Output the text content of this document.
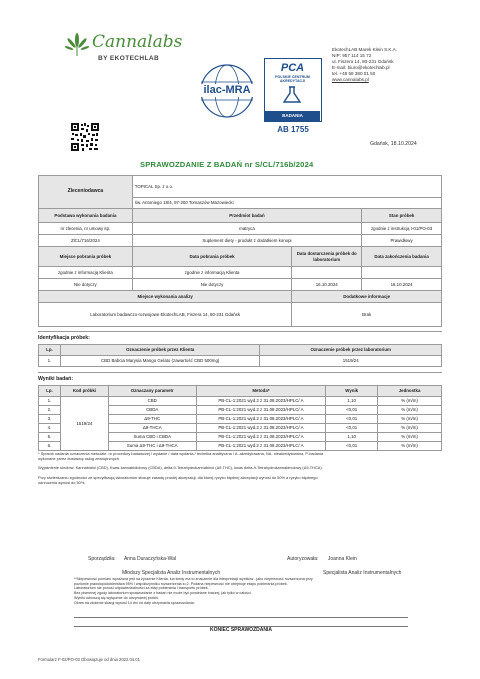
Cannalabs
BY EKOTECHLAB
ilac-MRA
PCA
POLSKIE CENTRUM
AKREDYTACJI
BADANIA
AB 1755
EkotechLAB Marek Klein S.K.A.
NIP: 957 114 15 72
ul. Fiszera 14, 80-231 Gdańsk
E-mail: biuro@ekotechlab.pl
tel. +48 58 380 01 50
www.cannalabs.pl
Gdańsk, 18.10.2024
SPRAWOZDANIE Z BADAŃ nr S/CL/716b/2024
Zleceniodawca	TOPICAL Sp. z o.o.		
	św. Antoniego 18/4, 97-200 Tomaszów Mazowiecki		
Podstawa wykonania badania	Przedmiot badań		Stan próbek
nr zlecenia, nr umowy itp.	matryca		zgodnie z instrukcją I-01/PO-03
ZlCL/716/2024	Suplement diety - produkt z dodatkiem konopi		Prawidłowy
Miejsce pobrania próbek	Data pobrania próbek	Data dostarczenia próbek do laboratorium	Data zakończenia badania
zgodnie z informacją Klienta	zgodnie z informacją Klienta		
Nie dotyczy	Nie dotyczy	16.10.2024	18.10.2024
Miejsce wykonania analizy		Dodatkowe informacje	
Laboratorium badawczo-rozwojowe EkotechLAB, Fiszera 14, 80-231 Gdańsk		Brak	
Identyfikacja próbek:
Lp.	Oznaczenie próbek przez Klienta	Oznaczenie próbek przez laboratorium
1.	CBD Babcia Marysia Mango Gelato (zawartość CBD 500mg)	1519/24
Wyniki badań:
Lp.	Kod próbki	Oznaczany parametr	Metoda*	Wynik	Jednostka
1.	1519/24	CBD	PB-CL-1:2021 wyd.2 z 31.08.2023/HPLC/ A	1,10	% (m/m)
2.		CBDA	PB-CL-1:2021 wyd.2 z 31.08.2023/HPLC/ A	<0,01	% (m/m)
3.		Δ9-THC	PB-CL-1:2021 wyd.2 z 31.08.2023/HPLC/ A	<0,01	% (m/m)
4.		Δ9-THCA	PB-CL-1:2021 wyd.2 z 31.08.2023/HPLC/ A	<0,01	% (m/m)
5.		Suma CBD i CBDA	PB-CL-1:2021 wyd.2 z 31.08.2023/HPLC/ A	1,10	% (m/m)
6.		Suma Δ9-THC i Δ9-THCA	PB-CL-1:2021 wyd.2 z 31.08.2023/HPLC/ A	<0,01	% (m/m)
* Sposób nadania oznaczenia metodzie: nr procedury badawczej / wydanie / data wydania / technika analityczna / A -akredytowana, NA- nieakredytowana, P-badania
wykonane przez dostawcę usług zewnętrznych
Wyjaśnienie skrótów: Kannabidiol (CBD), Kwas kannabidiolowy (CBDA), delta-9-Tetrahydrokannabinol (Δ9-THC), kwas delta-9-Tetrahydrokannabinolowy (Δ9-THCA).
Przy stwierdzaniu zgodności ze specyfikacją laboratorium stosuje zasadę prostej akceptacji, dla której ryzyko błędnej akceptacji wynosi do 50% a ryzyko błędnego
odrzucenia wynosi do 50%.
Sporządziła: Anna Duraczyńska-Wal
Młodszy Specjalista Analiz Instrumentalnych
Autoryzowała: Joanna Klein
Specjalista Analiz Instrumentalnych
**Niepewność pomiaru wyrażona jest na życzenie Klienta, lub kiedy ma to znaczenie dla interpretacji wyników - jako niepewność rozszerzona przy
poziomie prawdopodobieństwa 95% i współczynniku rozszerzenia k=2. Podana niepewność nie obejmuje etapu pobierania próbek.
Laboratorium nie ponosi odpowiedzialności za etap pobierania i transportu próbek.
Bez pisemnej zgody laboratorium sprawozdanie z badań nie może być powielane inaczej, jak tylko w całości.
Wyniki odnoszą się wyłącznie do otrzymanej próbki.
Okres na złożenie skargi wynosi 14 dni od daty otrzymania sprawozdania.
KONIEC SPRAWOZDANIA
Formularz F-02/PO-03 Obowiązuje od dnia 2022.04.01
